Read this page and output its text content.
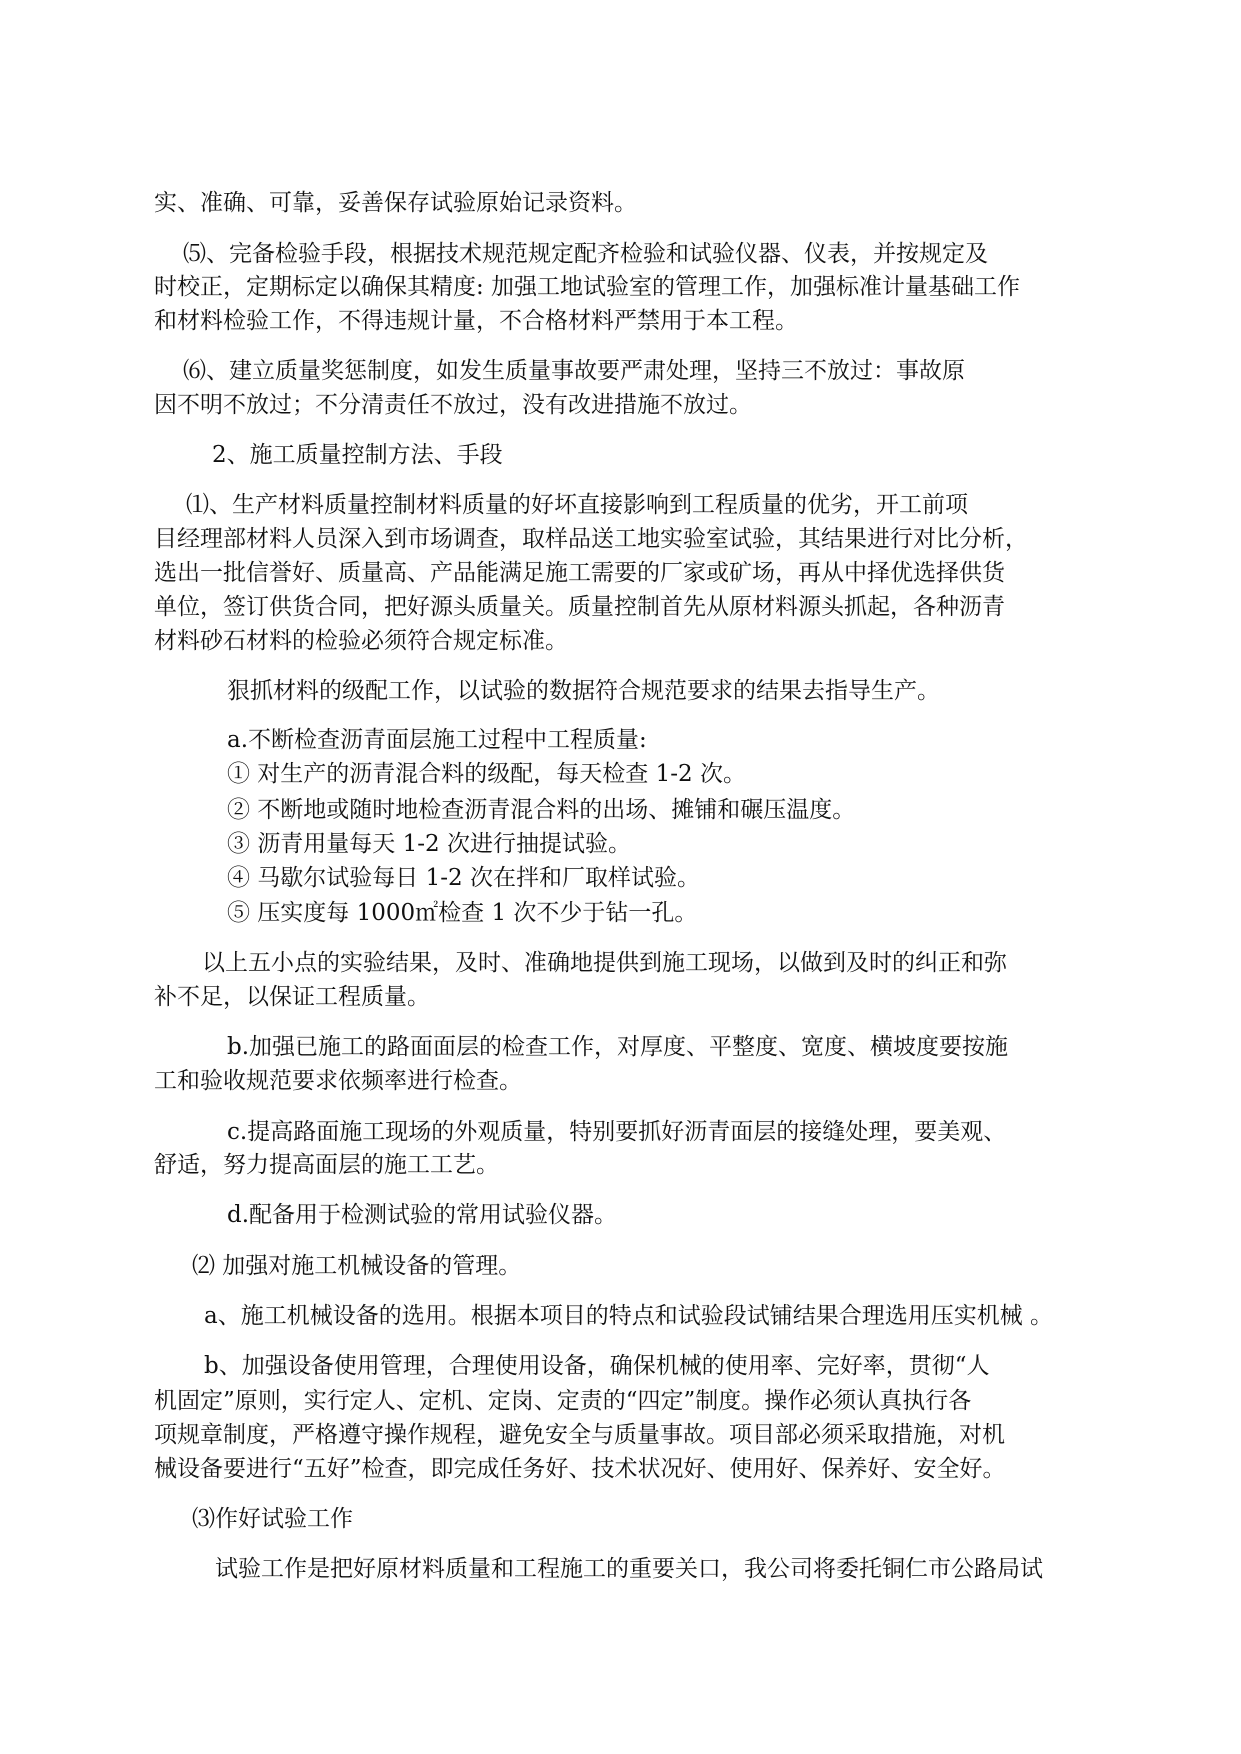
实、准确、可靠，妥善保存试验原始记录资料。
⑸、完备检验手段，根据技术规范规定配齐检验和试验仪器、仪表，并按规定及
时校正，定期标定以确保其精度: 加强工地试验室的管理工作，加强标准计量基础工作
和材料检验工作，不得违规计量，不合格材料严禁用于本工程。
⑹、建立质量奖惩制度，如发生质量事故要严肃处理，坚持三不放过：事故原
因不明不放过；不分清责任不放过，没有改进措施不放过。
2、施工质量控制方法、手段
⑴、生产材料质量控制材料质量的好坏直接影响到工程质量的优劣，开工前项
目经理部材料人员深入到市场调查，取样品送工地实验室试验，其结果进行对比分析，
选出一批信誉好、质量高、产品能满足施工需要的厂家或矿场，再从中择优选择供货
单位，签订供货合同，把好源头质量关。质量控制首先从原材料源头抓起，各种沥青
材料砂石材料的检验必须符合规定标准。
狠抓材料的级配工作，以试验的数据符合规范要求的结果去指导生产。
a.不断检查沥青面层施工过程中工程质量:
① 对生产的沥青混合料的级配，每天检查 1-2 次。
② 不断地或随时地检查沥青混合料的出场、摊铺和碾压温度。
③ 沥青用量每天 1-2 次进行抽提试验。
④ 马歇尔试验每日 1-2 次在拌和厂取样试验。
⑤ 压实度每 1000㎡检查 1 次不少于钻一孔。
以上五小点的实验结果，及时、准确地提供到施工现场，以做到及时的纠正和弥
补不足，以保证工程质量。
b.加强已施工的路面面层的检查工作，对厚度、平整度、宽度、横坡度要按施
工和验收规范要求依频率进行检查。
c.提高路面施工现场的外观质量，特别要抓好沥青面层的接缝处理，要美观、
舒适，努力提高面层的施工工艺。
d.配备用于检测试验的常用试验仪器。
⑵ 加强对施工机械设备的管理。
a、施工机械设备的选用。根据本项目的特点和试验段试铺结果合理选用压实机械 。
b、加强设备使用管理，合理使用设备，确保机械的使用率、完好率，贯彻“人
机固定”原则，实行定人、定机、定岗、定责的“四定”制度。操作必须认真执行各
项规章制度，严格遵守操作规程，避免安全与质量事故。项目部必须采取措施，对机
械设备要进行“五好”检查，即完成任务好、技术状况好、使用好、保养好、安全好。
⑶作好试验工作
试验工作是把好原材料质量和工程施工的重要关口，我公司将委托铜仁市公路局试
